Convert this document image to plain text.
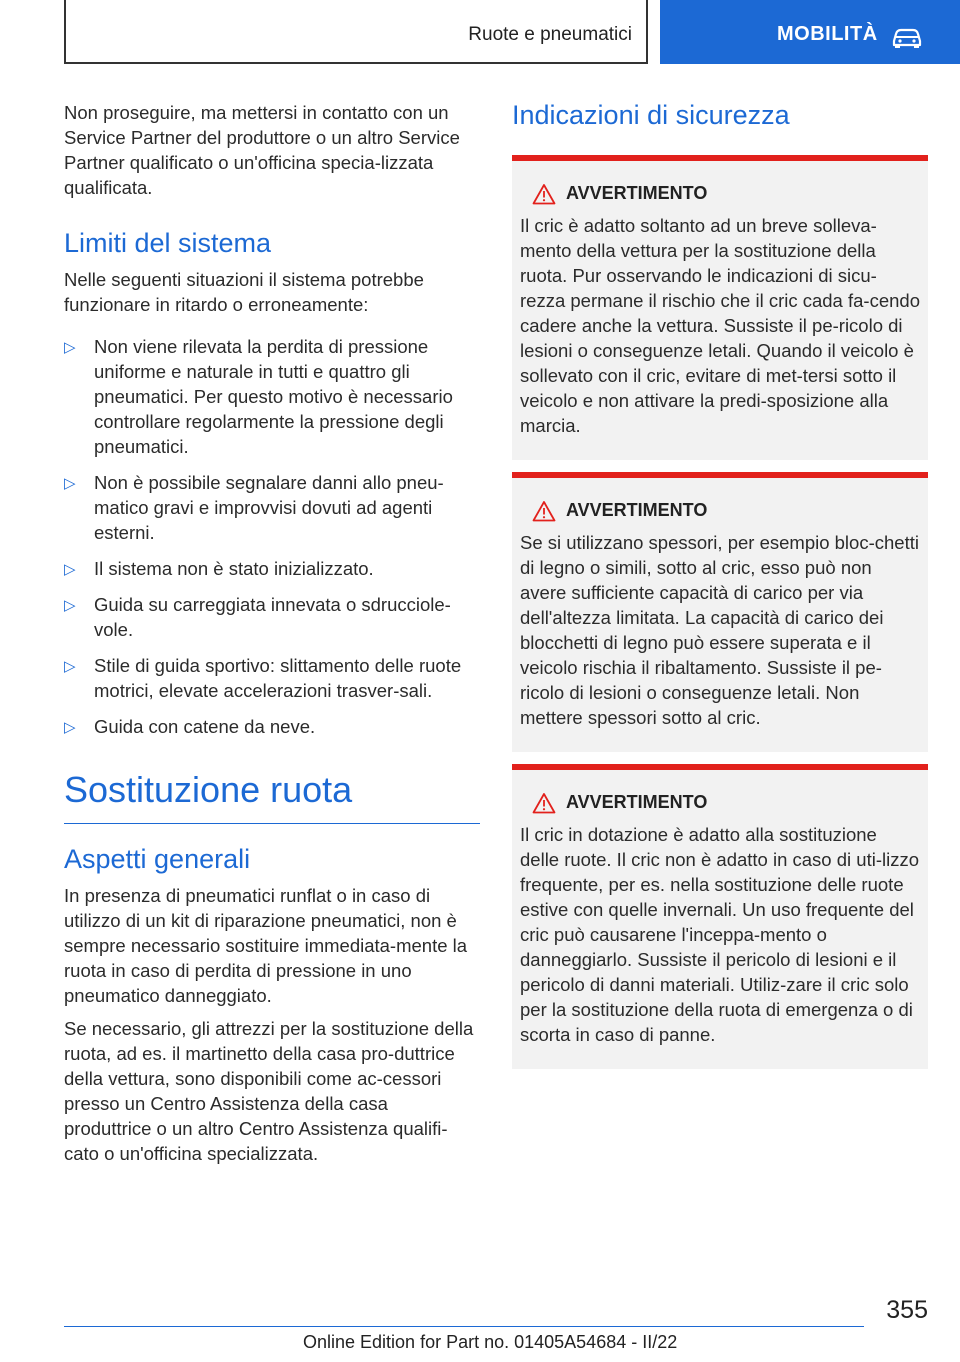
Ruote e pneumatici	MOBILITÀ

Non proseguire, ma mettersi in contatto con un Service Partner del produttore o un altro Service Partner qualificato o un'officina specia-lizzata qualificata.

Limiti del sistema

Nelle seguenti situazioni il sistema potrebbe funzionare in ritardo o erroneamente:

▷ Non viene rilevata la perdita di pressione uniforme e naturale in tutti e quattro gli pneumatici. Per questo motivo è necessario controllare regolarmente la pressione degli pneumatici.
▷ Non è possibile segnalare danni allo pneu-matico gravi e improvvisi dovuti ad agenti esterni.
▷ Il sistema non è stato inizializzato.
▷ Guida su carreggiata innevata o sdrucciole-vole.
▷ Stile di guida sportivo: slittamento delle ruote motrici, elevate accelerazioni trasver-sali.
▷ Guida con catene da neve.
Sostituzione ruota
Aspetti generali

In presenza di pneumatici runflat o in caso di utilizzo di un kit di riparazione pneumatici, non è sempre necessario sostituire immediata-mente la ruota in caso di perdita di pressione in uno pneumatico danneggiato.

Se necessario, gli attrezzi per la sostituzione della ruota, ad es. il martinetto della casa pro-duttrice della vettura, sono disponibili come ac-cessori presso un Centro Assistenza della casa produttrice o un altro Centro Assistenza qualifi-cato o un'officina specializzata.

Indicazioni di sicurezza
AVVERTIMENTO

Il cric è adatto soltanto ad un breve solleva-mento della vettura per la sostituzione della ruota. Pur osservando le indicazioni di sicu-rezza permane il rischio che il cric cada fa-cendo cadere anche la vettura. Sussiste il pe-ricolo di lesioni o conseguenze letali. Quando il veicolo è sollevato con il cric, evitare di met-tersi sotto il veicolo e non attivare la predi-sposizione alla marcia.

AVVERTIMENTO

Se si utilizzano spessori, per esempio bloc-chetti di legno o simili, sotto al cric, esso può non avere sufficiente capacità di carico per via dell'altezza limitata. La capacità di carico dei blocchetti di legno può essere superata e il veicolo rischia il ribaltamento. Sussiste il pe-ricolo di lesioni o conseguenze letali. Non mettere spessori sotto al cric.

AVVERTIMENTO

Il cric in dotazione è adatto alla sostituzione delle ruote. Il cric non è adatto in caso di uti-lizzo frequente, per es. nella sostituzione delle ruote estive con quelle invernali. Un uso frequente del cric può causarene l'inceppa-mento o danneggiarlo. Sussiste il pericolo di lesioni e il pericolo di danni materiali. Utiliz-zare il cric solo per la sostituzione della ruota di emergenza o di scorta in caso di panne.

355
Online Edition for Part no. 01405A54684 - II/22
